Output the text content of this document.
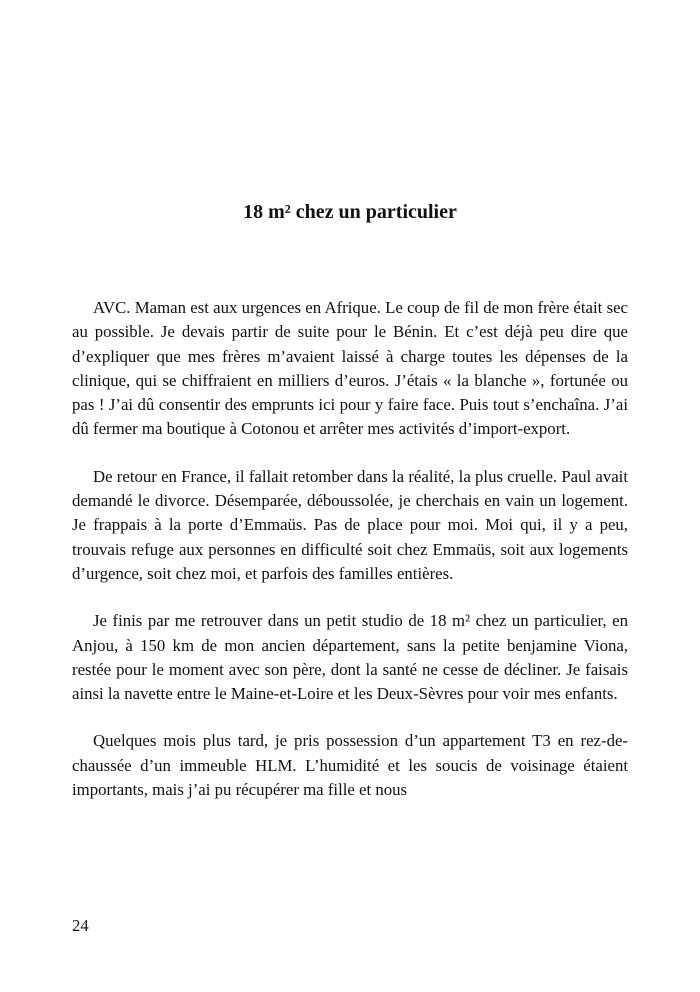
18 m² chez un particulier

AVC. Maman est aux urgences en Afrique. Le coup de fil de mon frère était sec au possible. Je devais partir de suite pour le Bénin. Et c’est déjà peu dire que d’expliquer que mes frères m’avaient laissé à charge toutes les dépenses de la clinique, qui se chiffraient en milliers d’euros. J’étais « la blanche », fortunée ou pas ! J’ai dû consentir des emprunts ici pour y faire face. Puis tout s’enchaîna. J’ai dû fermer ma boutique à Cotonou et arrêter mes activités d’import-export.

De retour en France, il fallait retomber dans la réalité, la plus cruelle. Paul avait demandé le divorce. Désemparée, déboussolée, je cherchais en vain un logement. Je frappais à la porte d’Emmaüs. Pas de place pour moi. Moi qui, il y a peu, trouvais refuge aux personnes en difficulté soit chez Emmaüs, soit aux logements d’urgence, soit chez moi, et parfois des familles entières.

Je finis par me retrouver dans un petit studio de 18 m² chez un particulier, en Anjou, à 150 km de mon ancien département, sans la petite benjamine Viona, restée pour le moment avec son père, dont la santé ne cesse de décliner. Je faisais ainsi la navette entre le Maine-et-Loire et les Deux-Sèvres pour voir mes enfants.

Quelques mois plus tard, je pris possession d’un appartement T3 en rez-de-chaussée d’un immeuble HLM. L’humidité et les soucis de voisinage étaient importants, mais j’ai pu récupérer ma fille et nous

24
